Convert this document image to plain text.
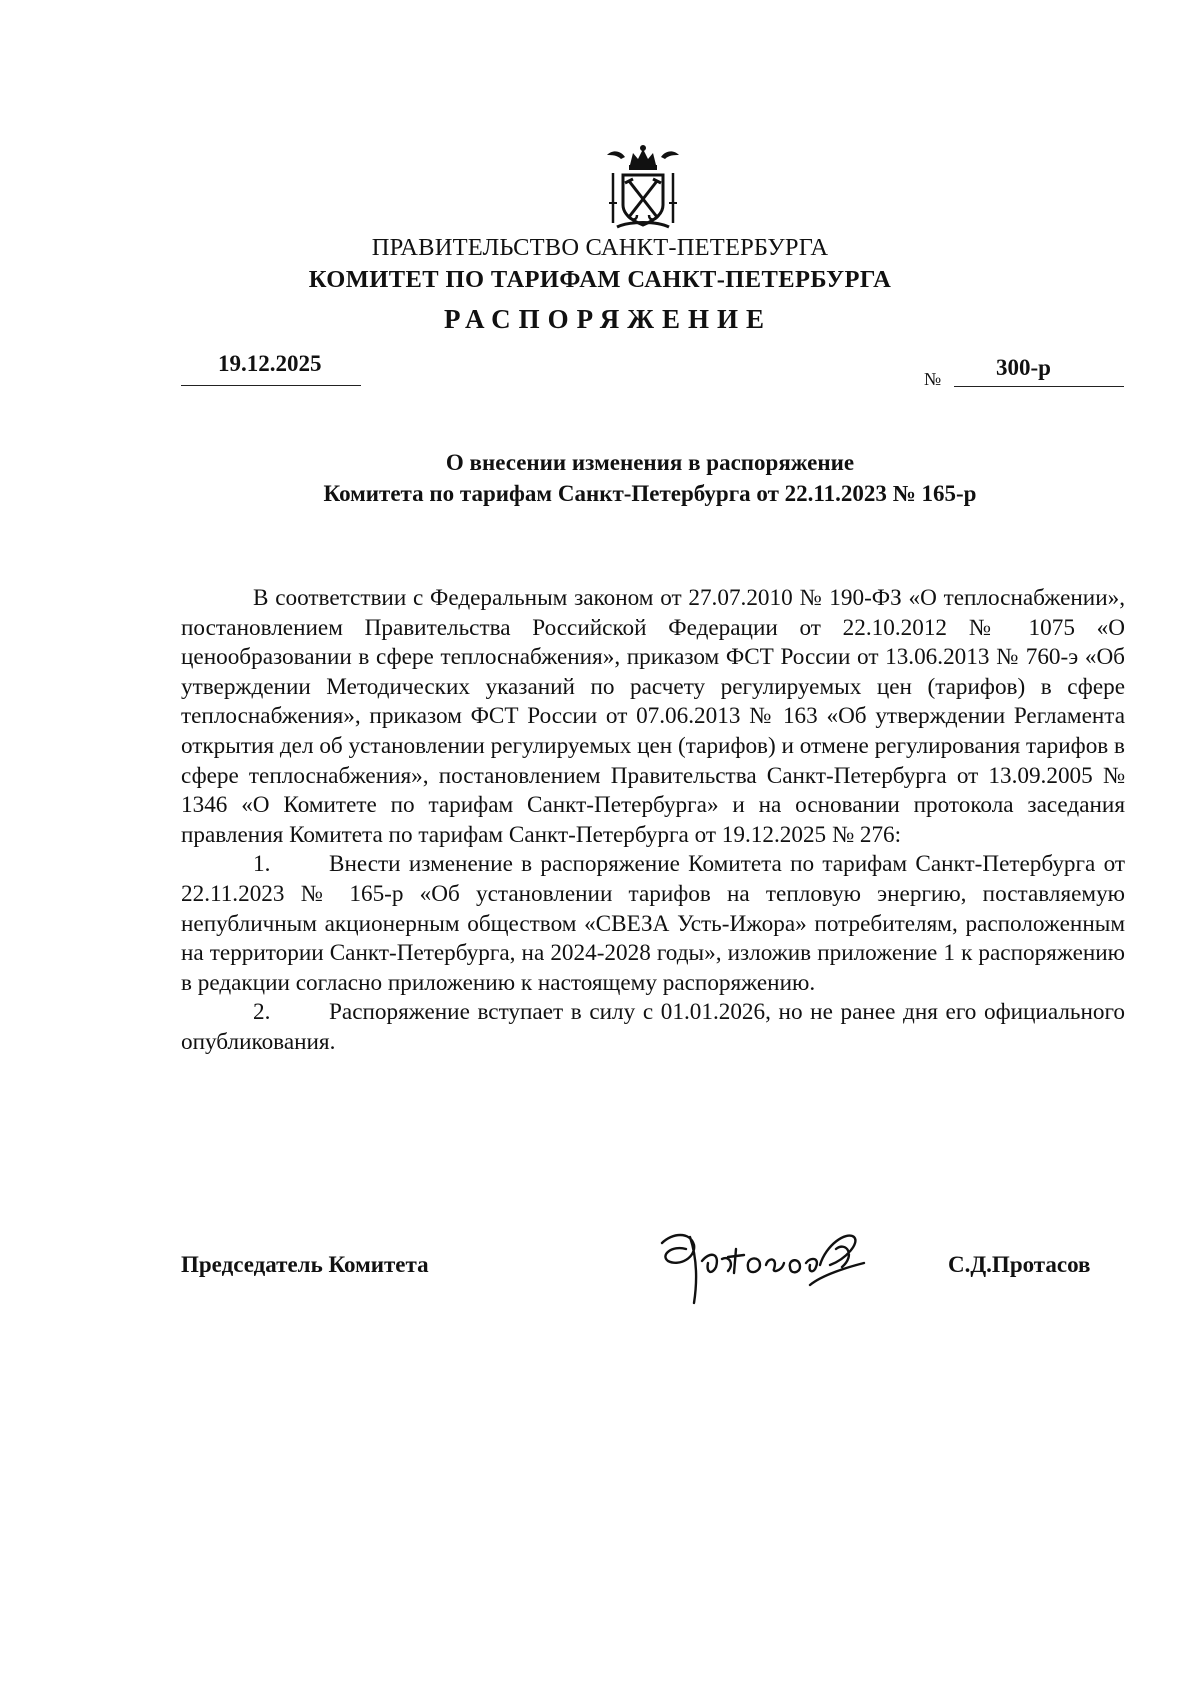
ПРАВИТЕЛЬСТВО САНКТ-ПЕТЕРБУРГА
КОМИТЕТ ПО ТАРИФАМ САНКТ-ПЕТЕРБУРГА
РАСПОРЯЖЕНИЕ
19.12.2025
№ 300-р
О внесении изменения в распоряжение
Комитета по тарифам Санкт-Петербурга от 22.11.2023 № 165-р

В соответствии с Федеральным законом от 27.07.2010 № 190-ФЗ «О теплоснабжении», постановлением Правительства Российской Федерации от 22.10.2012 № 1075 «О ценообразовании в сфере теплоснабжения», приказом ФСТ России от 13.06.2013 № 760-э «Об утверждении Методических указаний по расчету регулируемых цен (тарифов) в сфере теплоснабжения», приказом ФСТ России от 07.06.2013 № 163 «Об утверждении Регламента открытия дел об установлении регулируемых цен (тарифов) и отмене регулирования тарифов в сфере теплоснабжения», постановлением Правительства Санкт-Петербурга от 13.09.2005 № 1346 «О Комитете по тарифам Санкт-Петербурга» и на основании протокола заседания правления Комитета по тарифам Санкт-Петербурга от 19.12.2025 № 276:

1.	Внести изменение в распоряжение Комитета по тарифам Санкт-Петербурга от 22.11.2023 № 165-р «Об установлении тарифов на тепловую энергию, поставляемую непубличным акционерным обществом «СВЕЗА Усть-Ижора» потребителям, расположенным на территории Санкт-Петербурга, на 2024-2028 годы», изложив приложение 1 к распоряжению в редакции согласно приложению к настоящему распоряжению.
2.	Распоряжение вступает в силу с 01.01.2026, но не ранее дня его официального опубликования.
Председатель Комитета	С.Д.Протасов
